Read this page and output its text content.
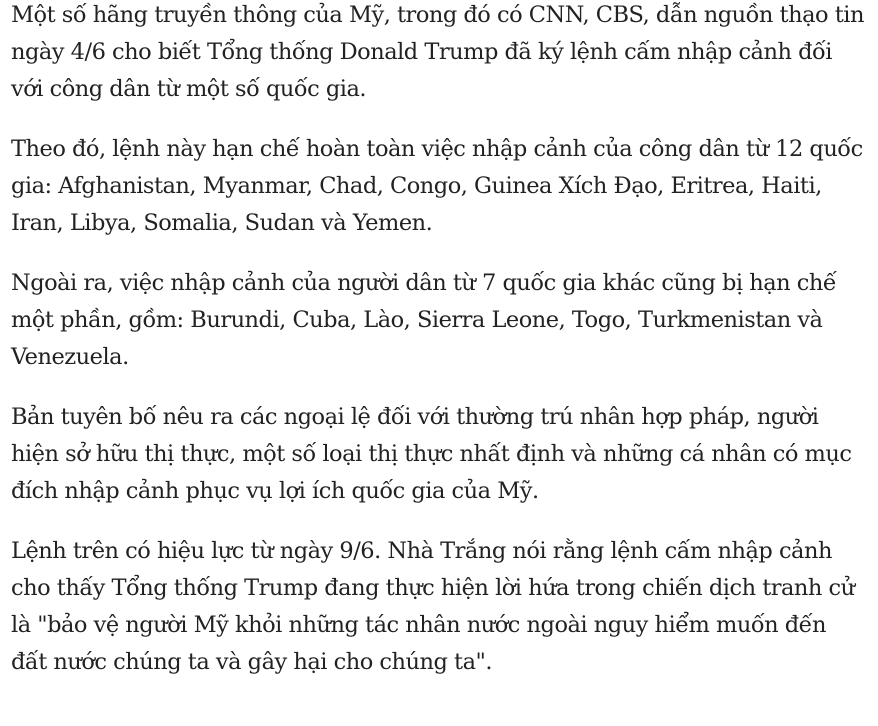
Một số hãng truyền thông của Mỹ, trong đó có CNN, CBS, dẫn nguồn thạo tin ngày 4/6 cho biết Tổng thống Donald Trump đã ký lệnh cấm nhập cảnh đối với công dân từ một số quốc gia.

Theo đó, lệnh này hạn chế hoàn toàn việc nhập cảnh của công dân từ 12 quốc gia: Afghanistan, Myanmar, Chad, Congo, Guinea Xích Đạo, Eritrea, Haiti, Iran, Libya, Somalia, Sudan và Yemen.

Ngoài ra, việc nhập cảnh của người dân từ 7 quốc gia khác cũng bị hạn chế một phần, gồm: Burundi, Cuba, Lào, Sierra Leone, Togo, Turkmenistan và Venezuela.

Bản tuyên bố nêu ra các ngoại lệ đối với thường trú nhân hợp pháp, người hiện sở hữu thị thực, một số loại thị thực nhất định và những cá nhân có mục đích nhập cảnh phục vụ lợi ích quốc gia của Mỹ.

Lệnh trên có hiệu lực từ ngày 9/6. Nhà Trắng nói rằng lệnh cấm nhập cảnh cho thấy Tổng thống Trump đang thực hiện lời hứa trong chiến dịch tranh cử là "bảo vệ người Mỹ khỏi những tác nhân nước ngoài nguy hiểm muốn đến đất nước chúng ta và gây hại cho chúng ta".
